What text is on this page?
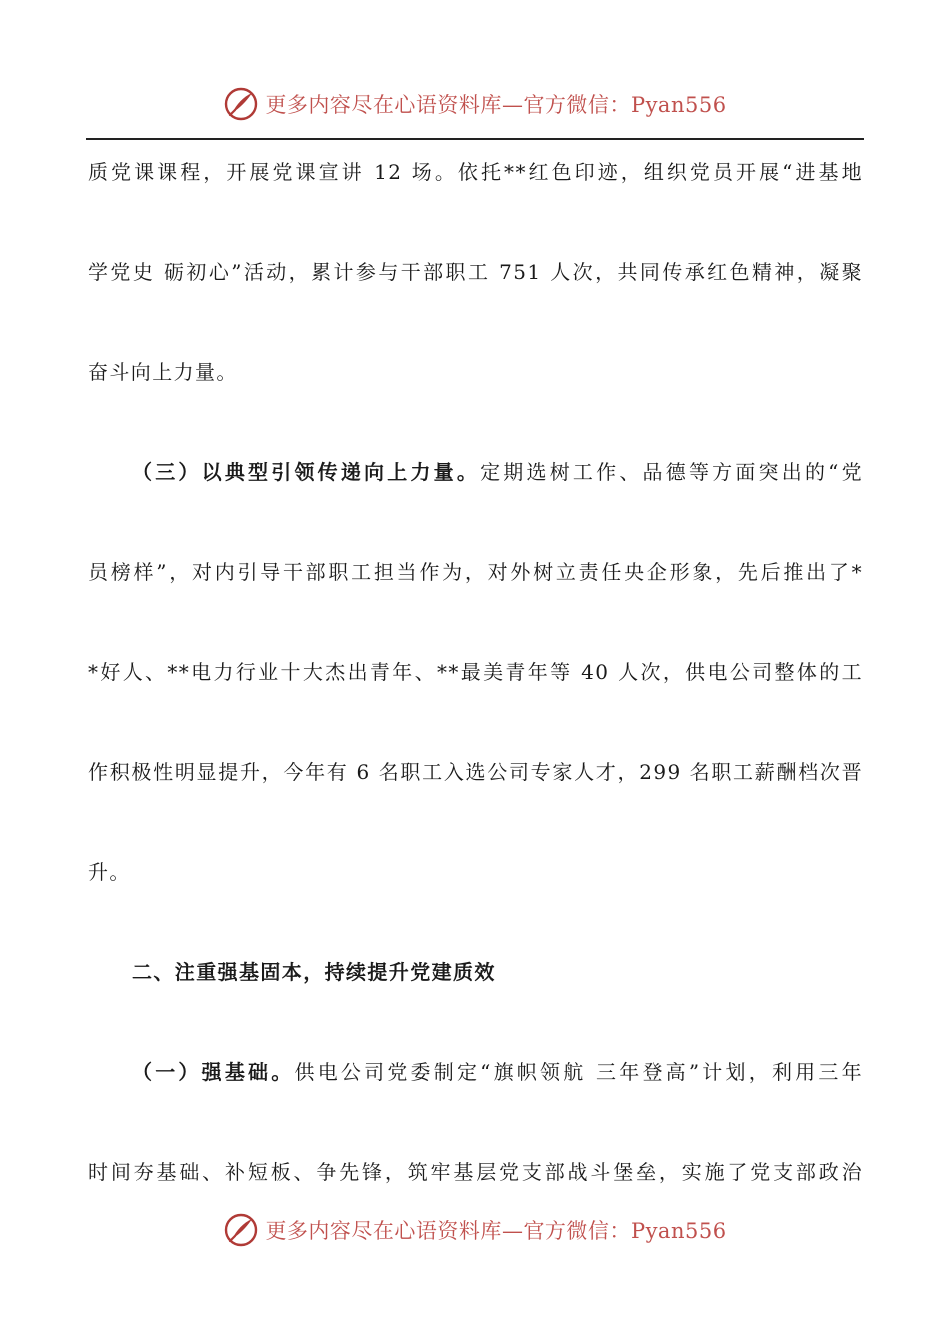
更多内容尽在心语资料库—官方微信：Pyan556
质党课课程，开展党课宣讲 12 场。依托**红色印迹，组织党员开展“进基地
学党史 砺初心”活动，累计参与干部职工 751 人次，共同传承红色精神，凝聚
奋斗向上力量。
（三）以典型引领传递向上力量。定期选树工作、品德等方面突出的“党
员榜样”，对内引导干部职工担当作为，对外树立责任央企形象，先后推出了*
*好人、**电力行业十大杰出青年、**最美青年等 40 人次，供电公司整体的工
作积极性明显提升，今年有 6 名职工入选公司专家人才，299 名职工薪酬档次晋
升。
二、注重强基固本，持续提升党建质效
（一）强基础。供电公司党委制定“旗帜领航 三年登高”计划，利用三年
时间夯基础、补短板、争先锋，筑牢基层党支部战斗堡垒，实施了党支部政治
更多内容尽在心语资料库—官方微信：Pyan556
